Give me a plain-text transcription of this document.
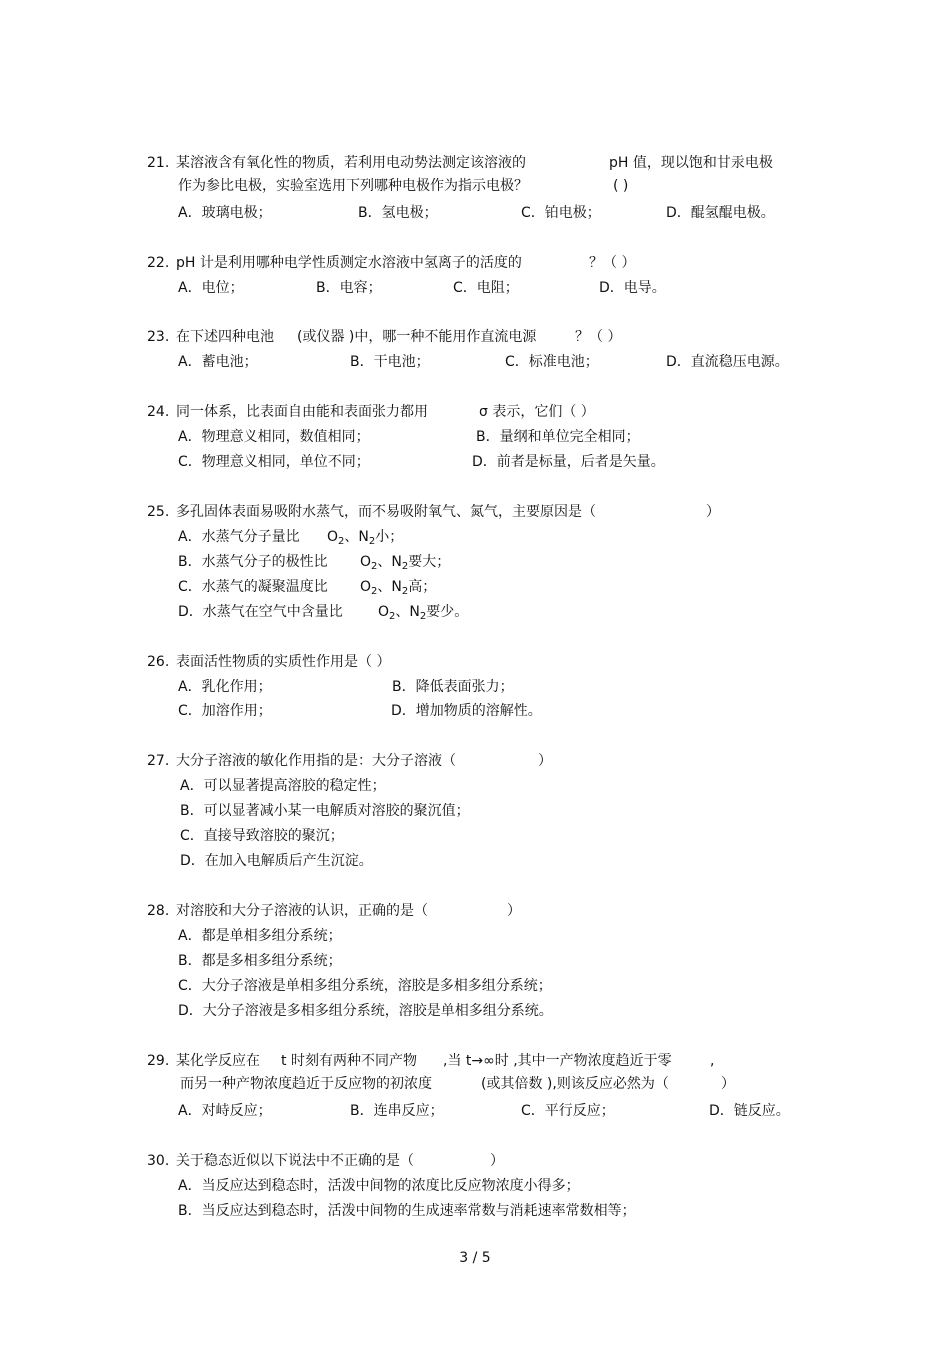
21. 某溶液含有氧化性的物质，若利用电动势法测定该溶液的	pH 值，现以饱和甘汞电极
作为参比电极，实验室选用下列哪种电极作为指示电极？	( )
A．玻璃电极；	B．氢电极；	C．铂电极；	D．醌氢醌电极。
22. pH 计是利用哪种电学性质测定水溶液中氢离子的活度的	？（ ）
A．电位；	B．电容；	C．电阻；	D．电导。
23. 在下述四种电池 (或仪器 )中，哪一种不能用作直流电源	？（ ）
A．蓄电池；	B．干电池；	C．标准电池；	D．直流稳压电源。
24. 同一体系，比表面自由能和表面张力都用	σ 表示，它们（ ）
A．物理意义相同，数值相同；	B．量纲和单位完全相同；
C．物理意义相同，单位不同；	D．前者是标量，后者是矢量。
25. 多孔固体表面易吸附水蒸气，而不易吸附氧气、氮气，主要原因是（	）
A．水蒸气分子量比 $O_2$、$N_2$小；
B．水蒸气分子的极性比 $O_2$、$N_2$要大；
C．水蒸气的凝聚温度比 $O_2$、$N_2$高；
D．水蒸气在空气中含量比	$O_2$、$N_2$要少。
26. 表面活性物质的实质性作用是（ ）
A．乳化作用；	B．降低表面张力；
C．加溶作用；	D．增加物质的溶解性。
27. 大分子溶液的敏化作用指的是：大分子溶液（	）
A．可以显著提高溶胶的稳定性；
B．可以显著减小某一电解质对溶胶的聚沉值；
C．直接导致溶胶的聚沉；
D．在加入电解质后产生沉淀。
28. 对溶胶和大分子溶液的认识，正确的是（	）
A．都是单相多组分系统；
B．都是多相多组分系统；
C．大分子溶液是单相多组分系统，溶胶是多相多组分系统；
D．大分子溶液是多相多组分系统，溶胶是单相多组分系统。
29. 某化学反应在 t 时刻有两种不同产物 ,当 t→∞时 ,其中一产物浓度趋近于零	,
而另一种产物浓度趋近于反应物的初浓度	(或其倍数 ),则该反应必然为（	）
A．对峙反应；	B．连串反应；	C．平行反应；	D．链反应。
30. 关于稳态近似以下说法中不正确的是（	）
A．当反应达到稳态时，活泼中间物的浓度比反应物浓度小得多；
B．当反应达到稳态时，活泼中间物的生成速率常数与消耗速率常数相等；
3 / 5
